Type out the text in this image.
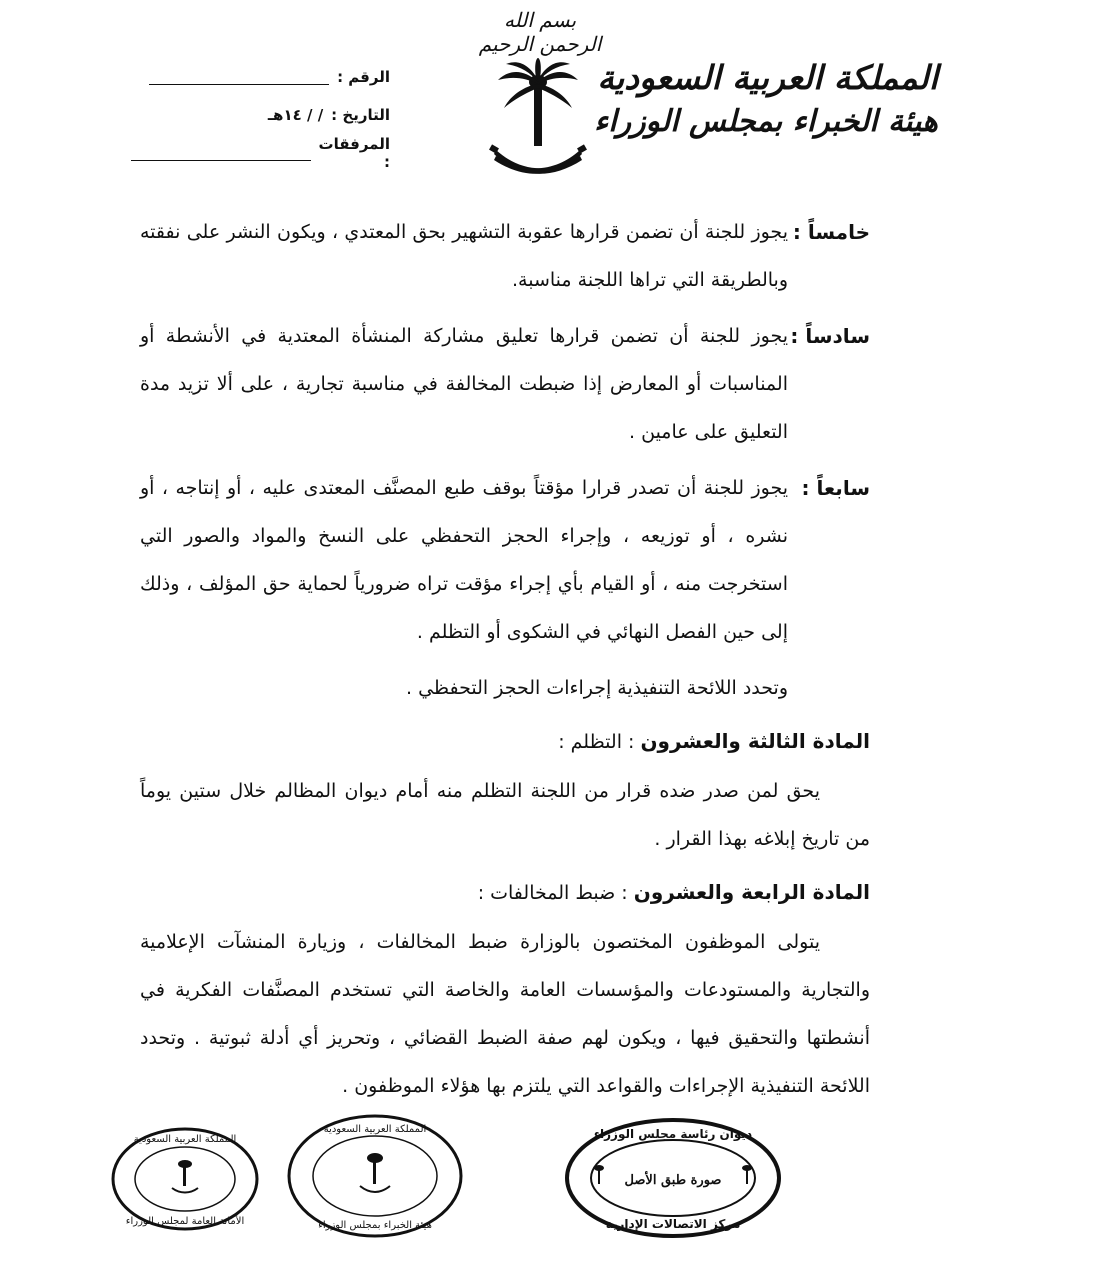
بسم الله الرحمن الرحيم
المملكة العربية السعودية
هيئة الخبراء بمجلس الوزراء
الرقم :
التاريخ :
/ / ١٤هـ
المرفقات :
خامساً :
يجوز للجنة أن تضمن قرارها عقوبة التشهير بحق المعتدي ، ويكون النشر على نفقته وبالطريقة التي تراها اللجنة مناسبة.
سادساً :
يجوز للجنة أن تضمن قرارها تعليق مشاركة المنشأة المعتدية في الأنشطة أو المناسبات أو المعارض إذا ضبطت المخالفة في مناسبة تجارية ، على ألا تزيد مدة التعليق على عامين .
سابعاً :
يجوز للجنة أن تصدر قرارا مؤقتاً بوقف طبع المصنَّف المعتدى عليه ، أو إنتاجه ، أو نشره ، أو توزيعه ، وإجراء الحجز التحفظي على النسخ والمواد والصور التي استخرجت منه ، أو القيام بأي إجراء مؤقت تراه ضرورياً لحماية حق المؤلف ، وذلك إلى حين الفصل النهائي في الشكوى أو التظلم .
وتحدد اللائحة التنفيذية إجراءات الحجز التحفظي .
المادة الثالثة والعشرون : التظلم :
يحق لمن صدر ضده قرار من اللجنة التظلم منه أمام ديوان المظالم خلال ستين يوماً من تاريخ إبلاغه بهذا القرار .
المادة الرابعة والعشرون : ضبط المخالفات :
يتولى الموظفون المختصون بالوزارة ضبط المخالفات ، وزيارة المنشآت الإعلامية والتجارية والمستودعات والمؤسسات العامة والخاصة التي تستخدم المصنَّفات الفكرية في أنشطتها والتحقيق فيها ، ويكون لهم صفة الضبط القضائي ، وتحريز أي أدلة ثبوتية . وتحدد اللائحة التنفيذية الإجراءات والقواعد التي يلتزم بها هؤلاء الموظفون .
المملكة العربية السعودية
الأمانة العامة لمجلس الوزراء
المملكة العربية السعودية
هيئة الخبراء بمجلس الوزراء
ديوان رئاسة مجلس الوزراء
صورة طبق الأصل
مركز الاتصالات الإدارية
